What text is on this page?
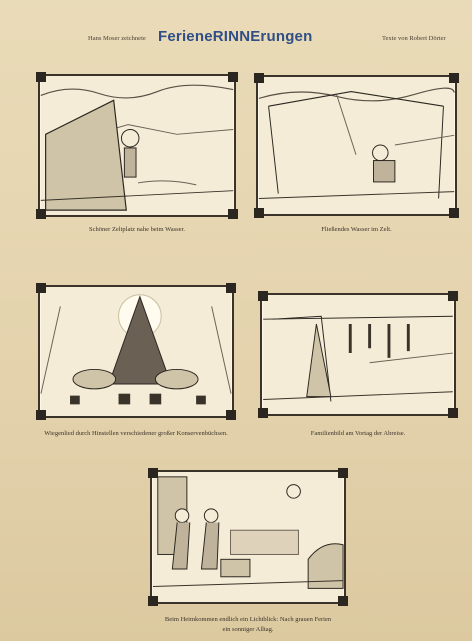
Hans Moser zeichnete FerieneRINNErungen	Texte von Robert Dörter
Schöner Zeltplatz nahe beim Wasser.	Fließendes Wasser im Zelt.
Wiegenlied durch Hinstellen verschiedener großer Konservenbüchsen.	Familienbild am Vortag der Abreise.
Beim Heimkommen endlich ein Lichtblick: Nach grauen Ferien
ein sonniger Alltag.
